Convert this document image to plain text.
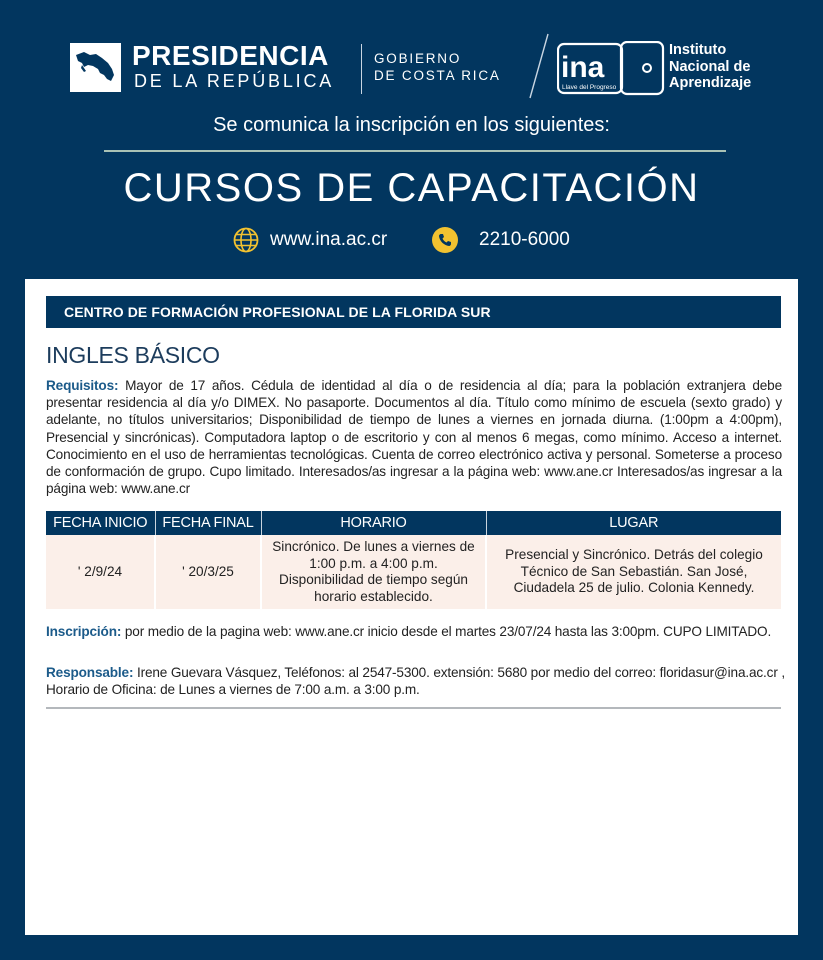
PRESIDENCIA
DE LA REPÚBLICA
GOBIERNO
DE COSTA RICA ina
Llave del Progreso
Instituto
Nacional de
Aprendizaje
Se comunica la inscripción en los siguientes:
CURSOS DE CAPACITACIÓN
www.ina.ac.cr	2210-6000
CENTRO DE FORMACIÓN PROFESIONAL DE LA FLORIDA SUR
INGLES BÁSICO
Requisitos: Mayor de 17 años. Cédula de identidad al día o de residencia al día; para la población extranjera debe presentar residencia al día y/o DIMEX. No pasaporte. Documentos al día. Título como mínimo de escuela (sexto grado) y adelante, no títulos universitarios; Disponibilidad de tiempo de lunes a viernes en jornada diurna. (1:00pm a 4:00pm), Presencial y sincrónicas). Computadora laptop o de escritorio y con al menos 6 megas, como mínimo. Acceso a internet. Conocimiento en el uso de herramientas tecnológicas. Cuenta de correo electrónico activa y personal. Someterse a proceso de conformación de grupo. Cupo limitado. Interesados/as ingresar a la página web: www.ane.cr Interesados/as ingresar a la página web: www.ane.cr
FECHA INICIO	FECHA FINAL	HORARIO	LUGAR
' 2/9/24	' 20/3/25	Sincrónico. De lunes a viernes de 1:00 p.m. a 4:00 p.m. Disponibilidad de tiempo según horario establecido.	Presencial y Sincrónico. Detrás del colegio Técnico de San Sebastián. San José, Ciudadela 25 de julio. Colonia Kennedy.
Inscripción: por medio de la pagina web: www.ane.cr inicio desde el martes 23/07/24 hasta las 3:00pm. CUPO LIMITADO.
Responsable: Irene Guevara Vásquez, Teléfonos: al 2547-5300. extensión: 5680 por medio del correo: floridasur@ina.ac.cr , Horario de Oficina: de Lunes a viernes de 7:00 a.m. a 3:00 p.m.
